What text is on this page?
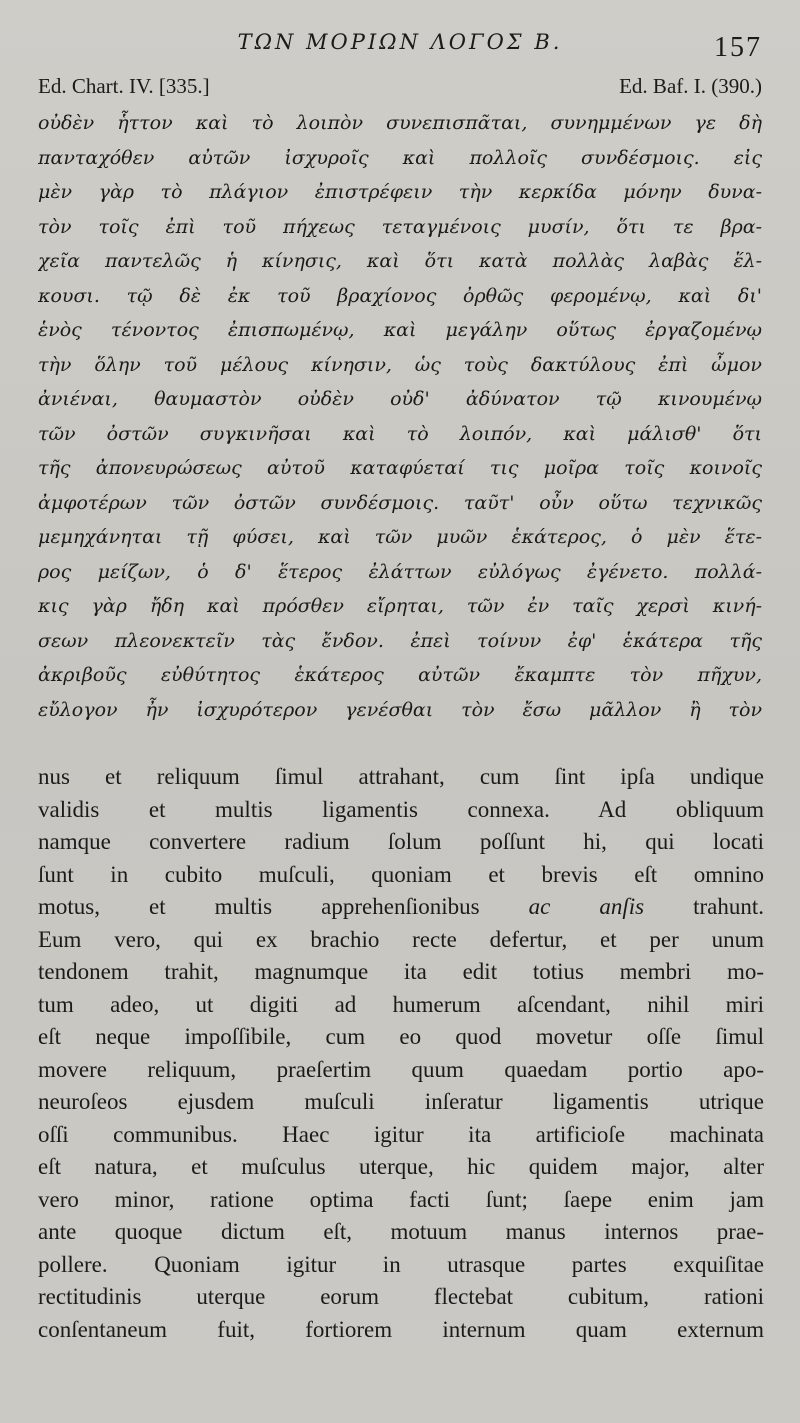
ΤΩΝ ΜΟΡΙΩΝ ΛΟΓΟΣ Β.	157
Ed. Chart. IV. [335.]	Ed. Baf. I. (390.)
οὐδὲν ἧττον καὶ τὸ λοιπὸν συνεπισπᾶται, συνημμένων γε δὴ
πανταχόθεν αὐτῶν ἰσχυροῖς καὶ πολλοῖς συνδέσμοις. εἰς
μὲν γὰρ τὸ πλάγιον ἐπιστρέφειν τὴν κερκίδα μόνην δυνα-
τὸν τοῖς ἐπὶ τοῦ πήχεως τεταγμένοις μυσίν, ὅτι τε βρα-
χεῖα παντελῶς ἡ κίνησις, καὶ ὅτι κατὰ πολλὰς λαβὰς ἕλ-
κουσι. τῷ δὲ ἐκ τοῦ βραχίονος ὀρθῶς φερομένῳ, καὶ δι'
ἑνὸς τένοντος ἐπισπωμένῳ, καὶ μεγάλην οὕτως ἐργαζομένῳ
τὴν ὅλην τοῦ μέλους κίνησιν, ὡς τοὺς δακτύλους ἐπὶ ὦμον
ἀνιέναι, θαυμαστὸν οὐδὲν οὐδ' ἀδύνατον τῷ κινουμένῳ
τῶν ὀστῶν συγκινῆσαι καὶ τὸ λοιπόν, καὶ μάλισθ' ὅτι
τῆς ἀπονευρώσεως αὐτοῦ καταφύεταί τις μοῖρα τοῖς κοινοῖς
ἀμφοτέρων τῶν ὀστῶν συνδέσμοις. ταῦτ' οὖν οὕτω τεχνικῶς
μεμηχάνηται τῇ φύσει, καὶ τῶν μυῶν ἑκάτερος, ὁ μὲν ἕτε-
ρος μείζων, ὁ δ' ἕτερος ἐλάττων εὐλόγως ἐγένετο. πολλά-
κις γὰρ ἤδη καὶ πρόσθεν εἴρηται, τῶν ἐν ταῖς χερσὶ κινή-
σεων πλεονεκτεῖν τὰς ἔνδον. ἐπεὶ τοίνυν ἐφ' ἑκάτερα τῆς
ἀκριβοῦς εὐθύτητος ἑκάτερος αὐτῶν ἔκαμπτε τὸν πῆχυν,
εὔλογον ἦν ἰσχυρότερον γενέσθαι τὸν ἔσω μᾶλλον ἢ τὸν
nus et reliquum ſimul attrahant, cum ſint ipſa undique
validis et multis ligamentis connexa. Ad obliquum
namque convertere radium ſolum poſſunt hi, qui locati
ſunt in cubito muſculi, quoniam et brevis eſt omnino
motus, et multis apprehenſionibus ac anſis trahunt.
Eum vero, qui ex brachio recte defertur, et per unum
tendonem trahit, magnumque ita edit totius membri mo-
tum adeo, ut digiti ad humerum aſcendant, nihil miri
eſt neque impoſſibile, cum eo quod movetur oſſe ſimul
movere reliquum, praeſertim quum quaedam portio apo-
neuroſeos ejusdem muſculi inſeratur ligamentis utrique
oſſi communibus. Haec igitur ita artificioſe machinata
eſt natura, et muſculus uterque, hic quidem major, alter
vero minor, ratione optima facti ſunt; ſaepe enim jam
ante quoque dictum eſt, motuum manus internos prae-
pollere. Quoniam igitur in utrasque partes exquiſitae
rectitudinis uterque eorum flectebat cubitum, rationi
conſentaneum fuit, fortiorem internum quam externum
